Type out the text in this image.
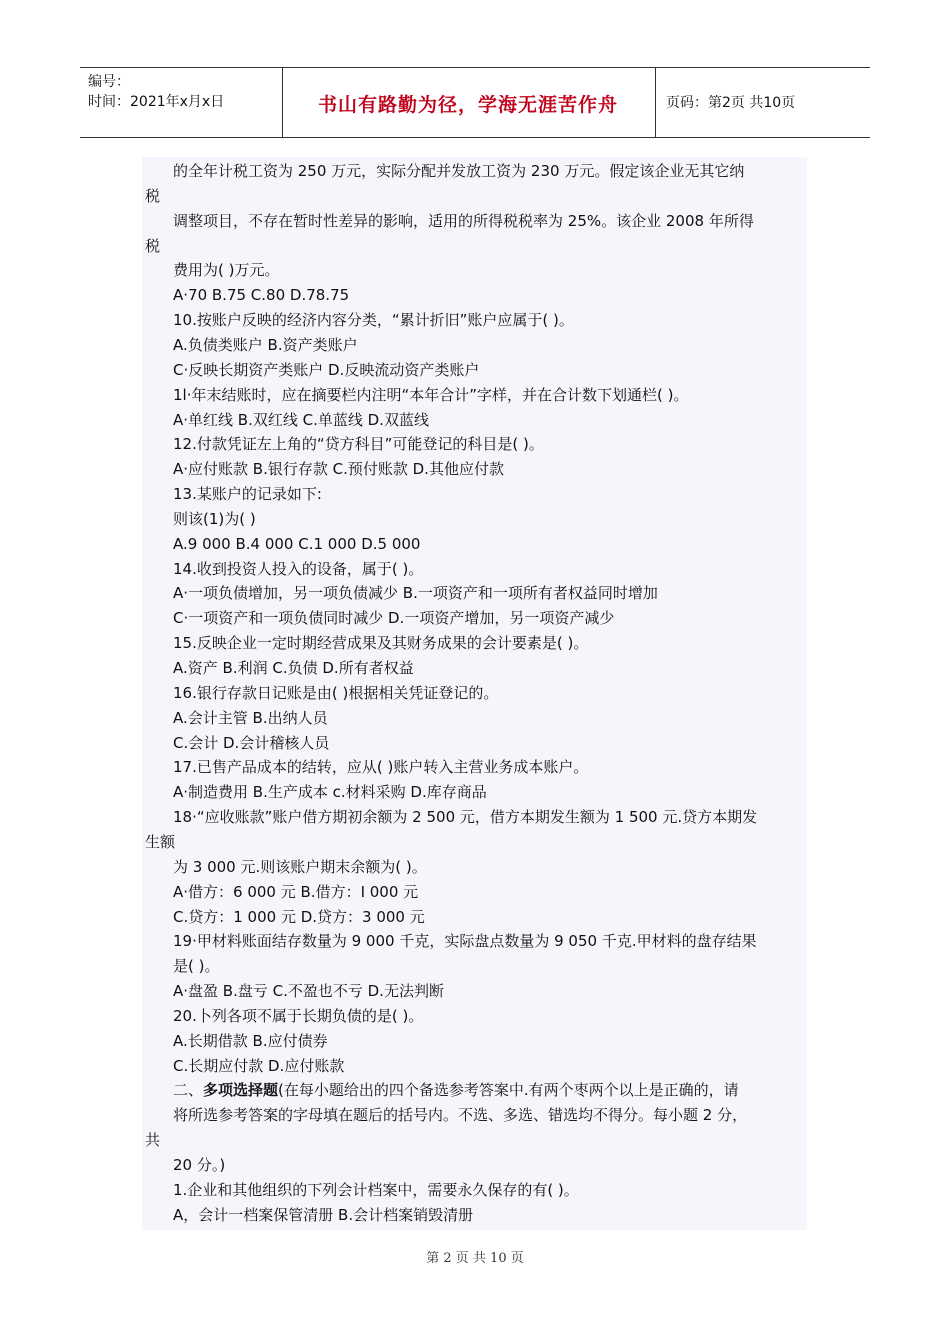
编号：
时间：2021年x月x日	书山有路勤为径，学海无涯苦作舟	页码：第2页 共10页
的全年计税工资为 250 万元，实际分配并发放工资为 230 万元。假定该企业无其它纳
税
调整项目，不存在暂时性差异的影响，适用的所得税税率为 25%。该企业 2008 年所得
税
费用为( )万元。
A·70 B.75 C.80 D.78.75
10.按账户反映的经济内容分类，“累计折旧”账户应属于( )。
A.负债类账户 B.资产类账户
C·反映长期资产类账户 D.反映流动资产类账户
1l·年末结账时，应在摘要栏内注明“本年合计”字样，并在合计数下划通栏( )。
A·单红线 B.双红线 C.单蓝线 D.双蓝线
12.付款凭证左上角的“贷方科目”可能登记的科目是( )。
A·应付账款 B.银行存款 C.预付账款 D.其他应付款
13.某账户的记录如下:
则该(1)为( )
A.9 000 B.4 000 C.1 000 D.5 000
14.收到投资人投入的设备，属于( )。
A·一项负债增加，另一项负债减少 B.一项资产和一项所有者权益同时增加
C·一项资产和一项负债同时减少 D.一项资产增加，另一项资产减少
15.反映企业一定时期经营成果及其财务成果的会计要素是( )。
A.资产 B.利润 C.负债 D.所有者权益
16.银行存款日记账是由( )根据相关凭证登记的。
A.会计主管 B.出纳人员
C.会计 D.会计稽核人员
17.已售产品成本的结转，应从( )账户转入主营业务成本账户。
A·制造费用 B.生产成本 c.材料采购 D.库存商品
18·“应收账款”账户借方期初余额为 2 500 元，借方本期发生额为 1 500 元.贷方本期发
生额
为 3 000 元.则该账户期末余额为( )。
A·借方：6 000 元 B.借方：I 000 元
C.贷方：1 000 元 D.贷方：3 000 元
19·甲材料账面结存数量为 9 000 千克，实际盘点数量为 9 050 千克.甲材料的盘存结果
是( )。
A·盘盈 B.盘亏 C.不盈也不亏 D.无法判断
20.卜列各项不属于长期负债的是( )。
A.长期借款 B.应付债券
C.长期应付款 D.应付账款
二、多项选择题(在每小题给出的四个备选参考答案中.有两个枣两个以上是正确的，请
将所选参考答案的字母填在题后的括号内。不选、多选、错选均不得分。每小题 2 分，
共
20 分。)
1.企业和其他组织的下列会计档案中，需要永久保存的有( )。
A，会计一档案保管清册 B.会计档案销毁清册
第 2 页 共 10 页
